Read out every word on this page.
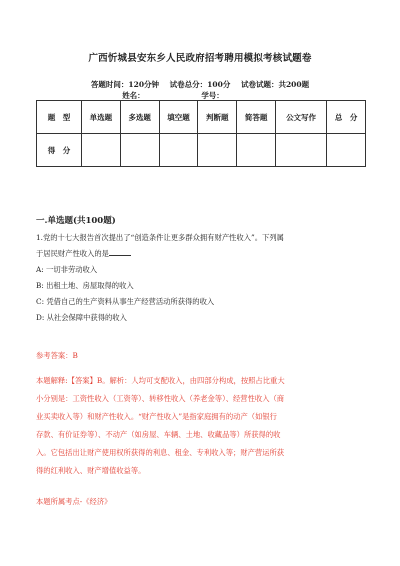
广西忻城县安东乡人民政府招考聘用模拟考核试题卷
答题时间：120分钟 试卷总分：100分 试卷试题：共200题
姓名：	学号：
题　型	单选题	多选题	填空题	判断题	简答题	公文写作	总　分
得　分							
一.单选题(共100题)
1.党的十七大报告首次提出了“创造条件让更多群众拥有财产性收入”。下列属
于居民财产性收入的是
A: 一切非劳动收入
B: 出租土地、房屋取得的收入
C: 凭借自己的生产资料从事生产经营活动所获得的收入
D: 从社会保障中获得的收入
参考答案：B
本题解释:【答案】B。解析：人均可支配收入，由四部分构成，按照占比重大
小分别是：工资性收入（工资等）、转移性收入（养老金等）、经营性收入（商
业买卖收入等）和财产性收入。“财产性收入”是指家庭拥有的动产（如银行
存款、有价证券等）、不动产（如房屋、车辆、土地、收藏品等）所获得的收
入。它包括出让财产使用权所获得的利息、租金、专利收入等；财产营运所获
得的红利收入、财产增值收益等。
本题所属考点-《经济》
